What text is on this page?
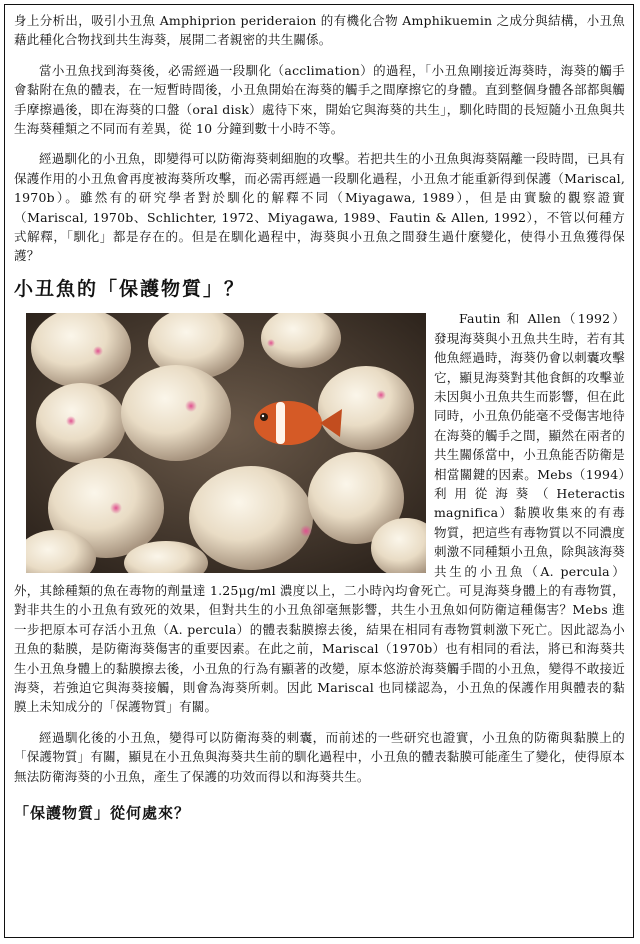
身上分析出，吸引小丑魚 Amphiprion perideraion 的有機化合物 Amphikuemin 之成分與結構，小丑魚藉此種化合物找到共生海葵，展開二者親密的共生關係。

當小丑魚找到海葵後，必需經過一段馴化（acclimation）的過程，「小丑魚剛接近海葵時，海葵的觸手會黏附在魚的體表，在一短暫時間後，小丑魚開始在海葵的觸手之間摩擦它的身體。直到整個身體各部都與觸手摩擦過後，即在海葵的口盤（oral disk）處待下來，開始它與海葵的共生」，馴化時間的長短隨小丑魚與共生海葵種類之不同而有差異，從 10 分鐘到數十小時不等。

經過馴化的小丑魚，即變得可以防衛海葵刺細胞的攻擊。若把共生的小丑魚與海葵隔離一段時間，已具有保護作用的小丑魚會再度被海葵所攻擊，而必需再經過一段馴化過程，小丑魚才能重新得到保護（Mariscal, 1970b）。雖然有的研究學者對於馴化的解釋不同（Miyagawa, 1989），但是由實驗的觀察證實（Mariscal, 1970b、Schlichter, 1972、Miyagawa, 1989、Fautin & Allen, 1992），不管以何種方式解釋，「馴化」都是存在的。但是在馴化過程中，海葵與小丑魚之間發生過什麼變化，使得小丑魚獲得保護？

小丑魚的「保護物質」？

Fautin 和 Allen（1992）發現海葵與小丑魚共生時，若有其他魚經過時，海葵仍會以刺囊攻擊它，顯見海葵對其他食餌的攻擊並未因與小丑魚共生而影響，但在此同時，小丑魚仍能毫不受傷害地待在海葵的觸手之間，顯然在兩者的共生關係當中，小丑魚能否防衛是相當關鍵的因素。Mebs（1994）利用從海葵（Heteractis magnifica）黏膜收集來的有毒物質，把這些有毒物質以不同濃度刺激不同種類小丑魚，除與該海葵共生的小丑魚（A. percula）外，其餘種類的魚在毒物的劑量達 1.25μg/ml 濃度以上，二小時內均會死亡。可見海葵身體上的有毒物質，對非共生的小丑魚有致死的效果，但對共生的小丑魚卻毫無影響，共生小丑魚如何防衛這種傷害？Mebs 進一步把原本可存活小丑魚（A. percula）的體表黏膜擦去後，結果在相同有毒物質刺激下死亡。因此認為小丑魚的黏膜，是防衛海葵傷害的重要因素。在此之前，Mariscal（1970b）也有相同的看法，將已和海葵共生小丑魚身體上的黏膜擦去後，小丑魚的行為有顯著的改變，原本悠游於海葵觸手間的小丑魚，變得不敢接近海葵，若強迫它與海葵接觸，則會為海葵所刺。因此 Mariscal 也同樣認為，小丑魚的保護作用與體表的黏膜上未知成分的「保護物質」有關。

經過馴化後的小丑魚，變得可以防衛海葵的刺囊，而前述的一些研究也證實，小丑魚的防衛與黏膜上的「保護物質」有關，顯見在小丑魚與海葵共生前的馴化過程中，小丑魚的體表黏膜可能產生了變化，使得原本無法防衛海葵的小丑魚，產生了保護的功效而得以和海葵共生。

「保護物質」從何處來？
